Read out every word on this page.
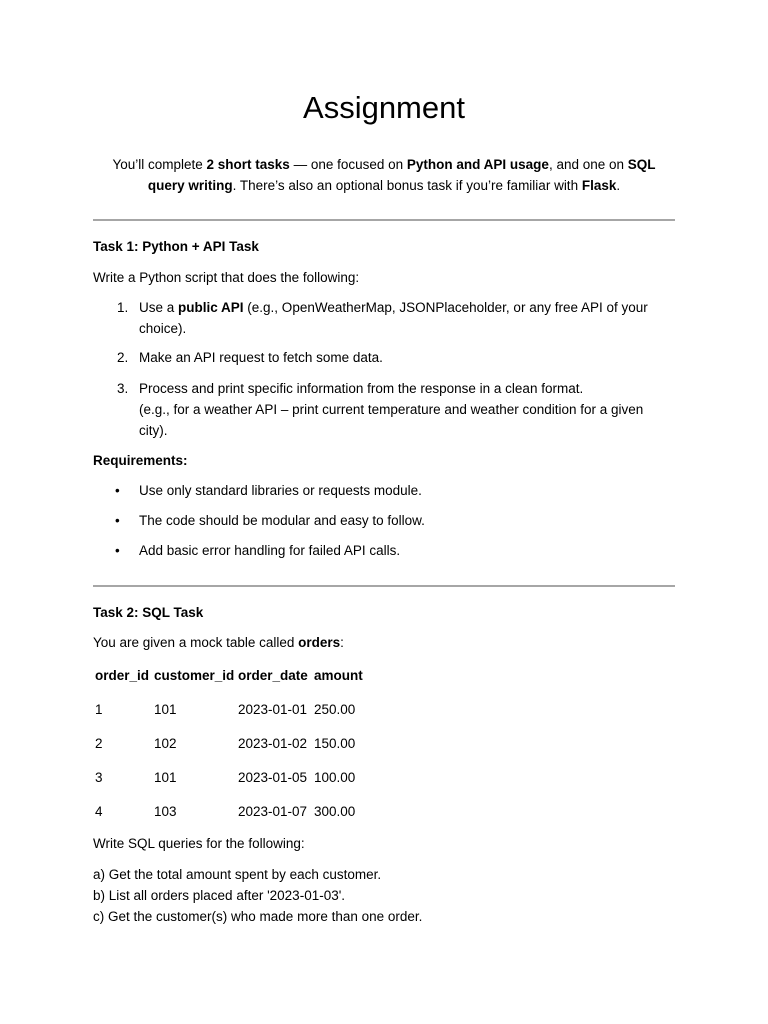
Assignment
You’ll complete 2 short tasks — one focused on Python and API usage, and one on SQL query writing. There’s also an optional bonus task if you’re familiar with Flask.
Task 1: Python + API Task
Write a Python script that does the following:
1. Use a public API (e.g., OpenWeatherMap, JSONPlaceholder, or any free API of your choice).
2. Make an API request to fetch some data.
3. Process and print specific information from the response in a clean format.
(e.g., for a weather API – print current temperature and weather condition for a given city).
Requirements:
• Use only standard libraries or requests module.
• The code should be modular and easy to follow.
• Add basic error handling for failed API calls.
Task 2: SQL Task
You are given a mock table called orders:
order_id customer_id order_date amount
1	101	2023-01-01 250.00
2	102	2023-01-02 150.00
3	101	2023-01-05 100.00
4	103	2023-01-07 300.00
Write SQL queries for the following:
a) Get the total amount spent by each customer.
b) List all orders placed after '2023-01-03'.
c) Get the customer(s) who made more than one order.
